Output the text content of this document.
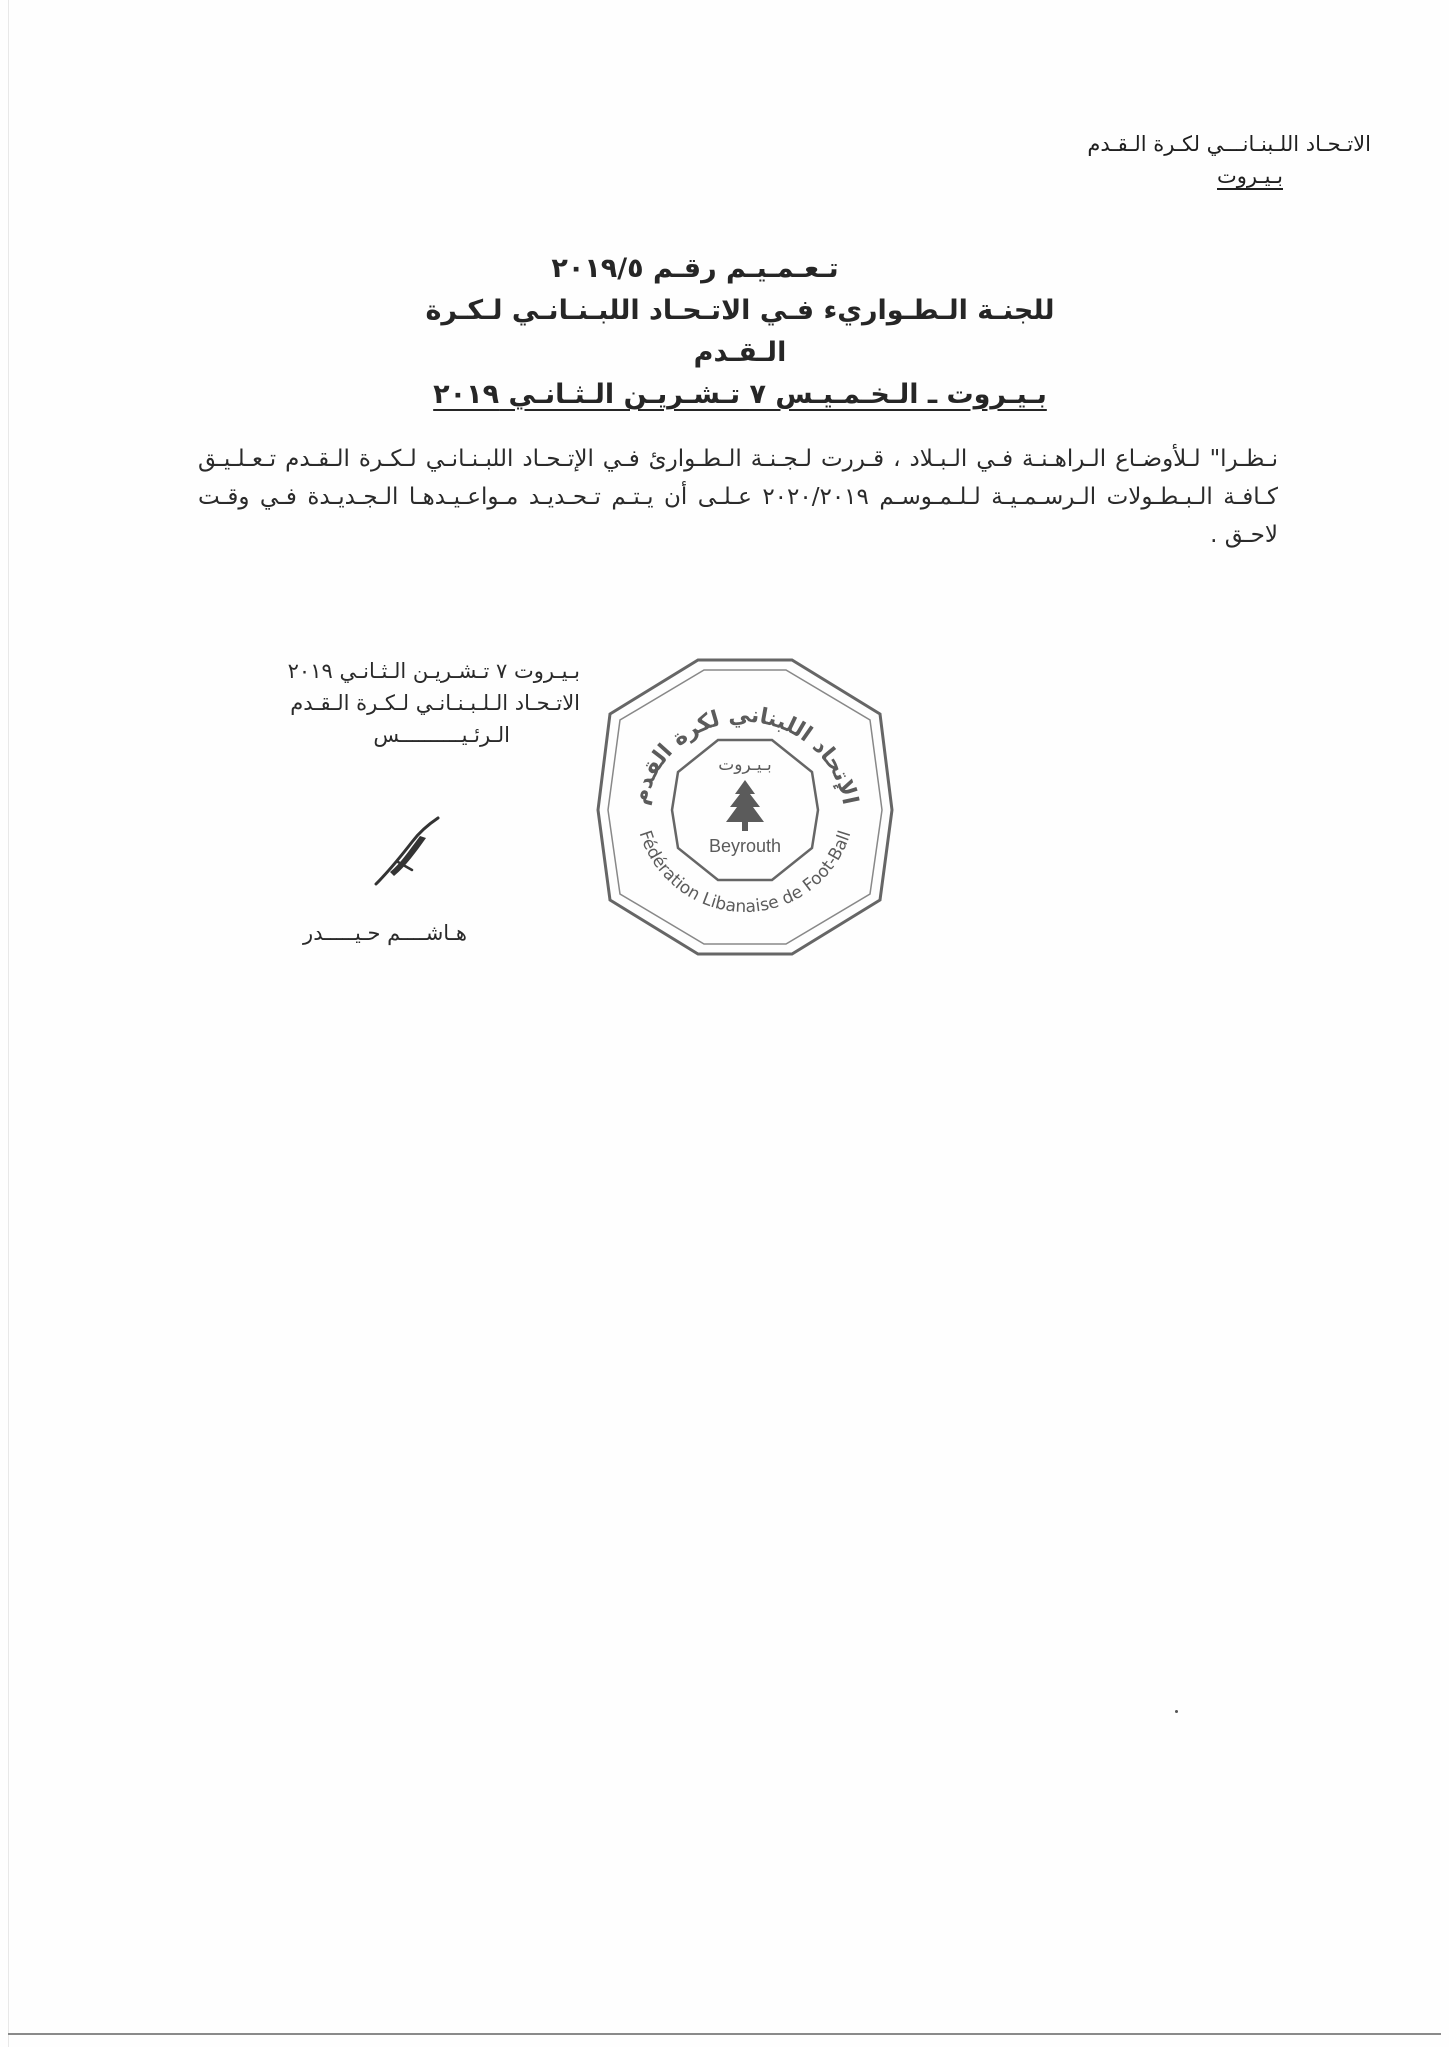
الاتـحـاد اللـبنـانـــي لكـرة الـقـدم
بـيـروت
تـعـمـيـم رقـم ٢٠١٩/٥
للجنـة الـطـواريء فـي الاتـحـاد اللبـنـانـي لـكـرة الـقـدم
بـيـروت ـ الـخـمـيـس ٧ تـشـريـن الـثـانـي ٢٠١٩
نـظـرا" لـلأوضـاع الـراهـنـة فـي الـبـلاد ، قـررت لـجـنـة الـطـوارئ فـي الإتـحـاد اللبـنـانـي لـكـرة الـقـدم تـعـلـيـق كـافـة الـبـطـولات الـرسـمـيـة لـلـمـوسـم ٢٠٢٠/٢٠١٩ عـلـى أن يـتـم تـحـديـد مـواعـيـدهـا الـجـديـدة فـي وقـت لاحـق .
بـيـروت ٧ تـشـريـن الـثـانـي ٢٠١٩
الاتـحـاد الـلـبـنـانـي لـكـرة الـقـدم
الـرئـيــــــــــس
هـاشــــم حـيـــــدر
الإتحاد اللبناني لكرة القدم
Fédération Libanaise de Foot-Ball
بـيـروت
Beyrouth
